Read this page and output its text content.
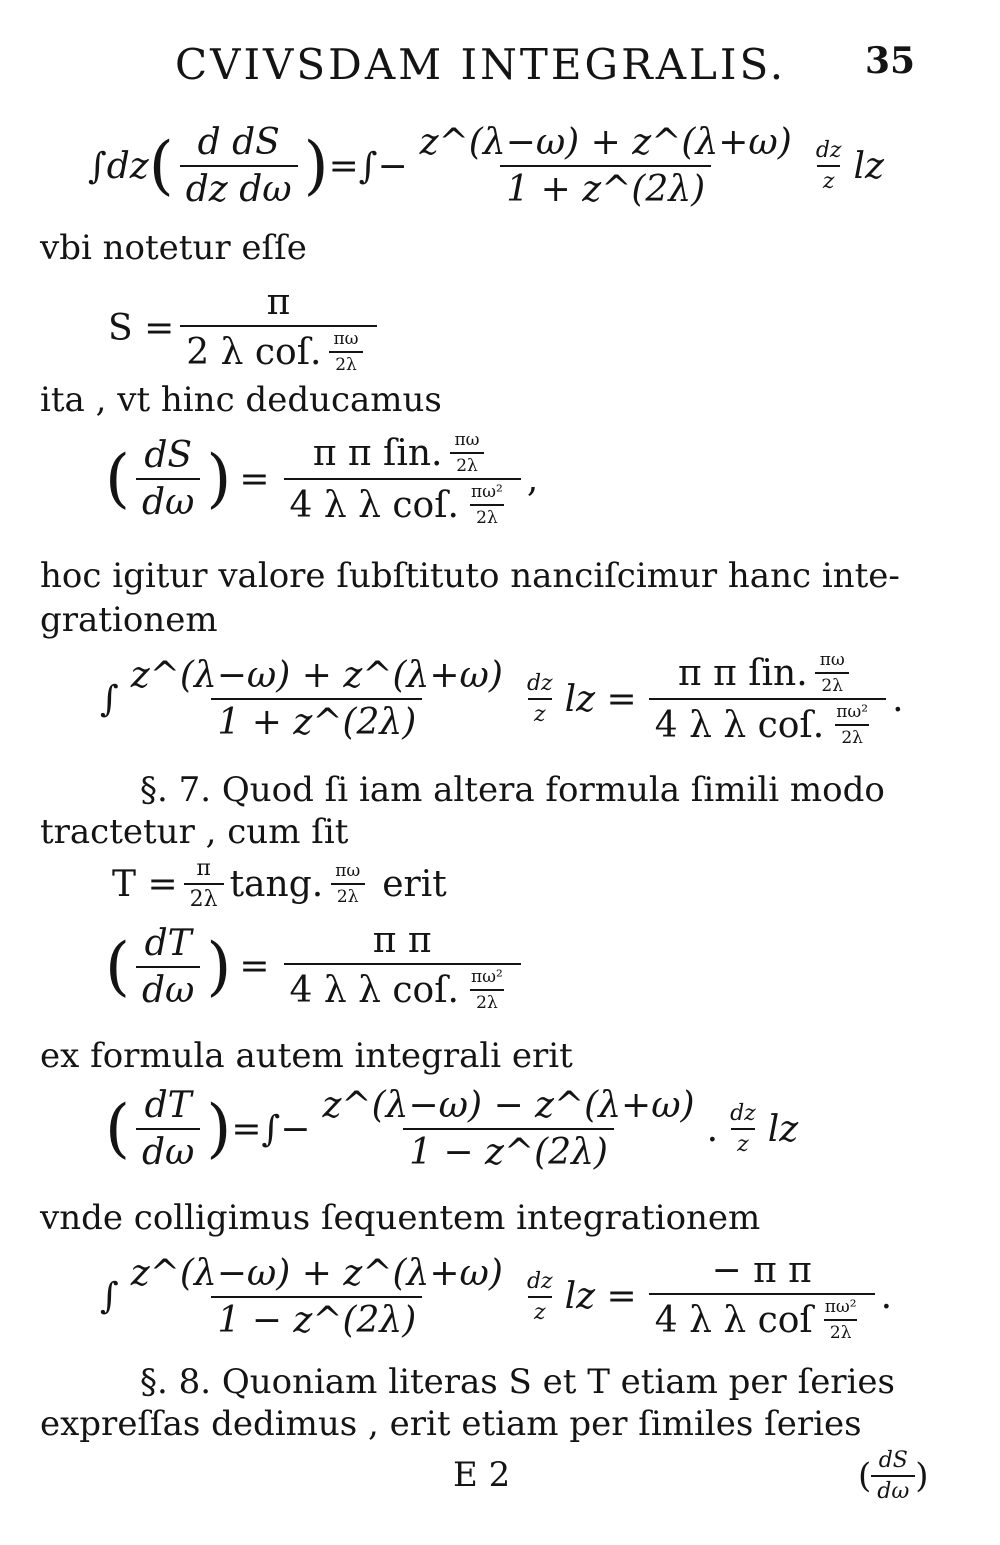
CVIVSDAM INTEGRALIS. 35
∫dz ( $\frac{\text{d dS}}{\text{dz dω}}$ ) =∫− $\frac{z\^{}(\lambda-\omega) + z\^{}(\lambda+\omega)}{1 + z\^{}(2\lambda)} \frac{dz}{z}$ lz
vbi notetur eſſe
$S = \frac{\pi}{2 \lambda coſ. \frac{\pi\omega}{2\lambda}}$
ita , vt hinc deducamus
( $\frac{dS}{d\omega}$ ) = $\frac{\pi \pi ſin. \frac{\pi\omega}{2\lambda}}{4 \lambda \lambda coſ. \frac{\text{πω²}}{2\lambda}}$ ,
hoc igitur valore ſubſtituto nanciſcimur hanc inte-
grationem
∫ $\frac{z\^{}(\lambda-\omega) + z\^{}(\lambda+\omega)}{1 + z\^{}(2\lambda)} \frac{dz}{z}$ lz = $\frac{\pi \pi ſin. \frac{\pi\omega}{2\lambda}}{4 \lambda \lambda coſ. \frac{\text{πω²}}{2\lambda}}$ .
§. 7. Quod ſi iam altera formula ſimili modo
tractetur , cum ſit
$T = \frac{\pi}{2\lambda} \tan g$. $\frac{\pi\omega}{2\lambda}$ erit
( $\frac{dT}{d\omega}$ ) = $\frac{\text{π π}}{4 \lambda \lambda coſ. \frac{\text{πω²}}{2\lambda}}$
ex formula autem integrali erit
( $\frac{dT}{d\omega}$ ) =∫− $\frac{z\^{}(\lambda-\omega) - z\^{}(\lambda+\omega)}{1 - z\^{}(2\lambda)}$ . $\frac{dz}{z}$ lz
vnde colligimus ſequentem integrationem
∫ $\frac{z\^{}(\lambda-\omega) + z\^{}(\lambda+\omega)}{1 - z\^{}(2\lambda)} \frac{dz}{z}$ lz = $\frac{\text{− π π}}{4 \lambda \lambda coſ \frac{\text{πω²}}{2\lambda}}$ .
§. 8. Quoniam literas S et T etiam per ſeries
expreſſas dedimus , erit etiam per ſimiles ſeries
E 2	( $\frac{dS}{d\omega}$ )
